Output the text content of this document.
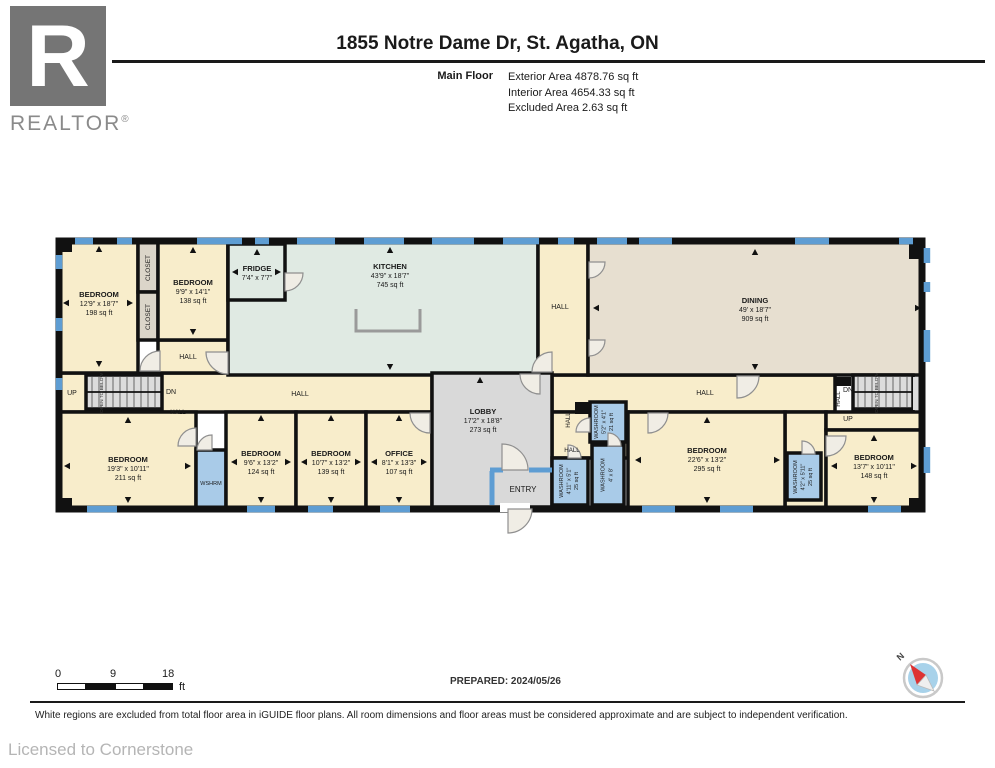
R
REALTOR®
1855 Notre Dame Dr, St. Agatha, ON
Main Floor Exterior Area 4878.76 sq ft
Interior Area 4654.33 sq ft
Excluded Area 2.63 sq ft
BEDROOM
12'9" x 18'7"
198 sq ft
CLOSET
CLOSET
BEDROOM
9'9" x 14'1"
138 sq ft
FRIDGE
7'4" x 7'7"
KITCHEN
43'9" x 18'7"
745 sq ft
HALL
DINING
49' x 18'7"
909 sq ft
HALL
HALL	HALL
HALL
UP	DN
OPEN TO BELOW
BEDROOM
19'3" x 10'11"
211 sq ft
WSHRM
BEDROOM
9'6" x 13'2"
124 sq ft
BEDROOM
10'7" x 13'2"
139 sq ft
OFFICE
8'1" x 13'3"
107 sq ft
LOBBY
17'2" x 18'8"
273 sq ft
ENTRY
HALL	WASHROOM 5'2" x 4'1" 21 sq ft
HALL
WASHROOM 4'11" x 5'1" 25 sq ft	WASHROOM 4' x 8'
BEDROOM
22'6" x 13'2"
295 sq ft	WASHROOM 4'2" x 5'11" 25 sq ft
BEDROOM
13'7" x 10'11"
148 sq ft
DN
UP
OPEN TO BELOW
HALL
0	9	18
ft	PREPARED: 2024/05/26
N
White regions are excluded from total floor area in iGUIDE floor plans. All room dimensions and floor areas must be considered approximate and are subject to independent verification.
Licensed to Cornerstone
